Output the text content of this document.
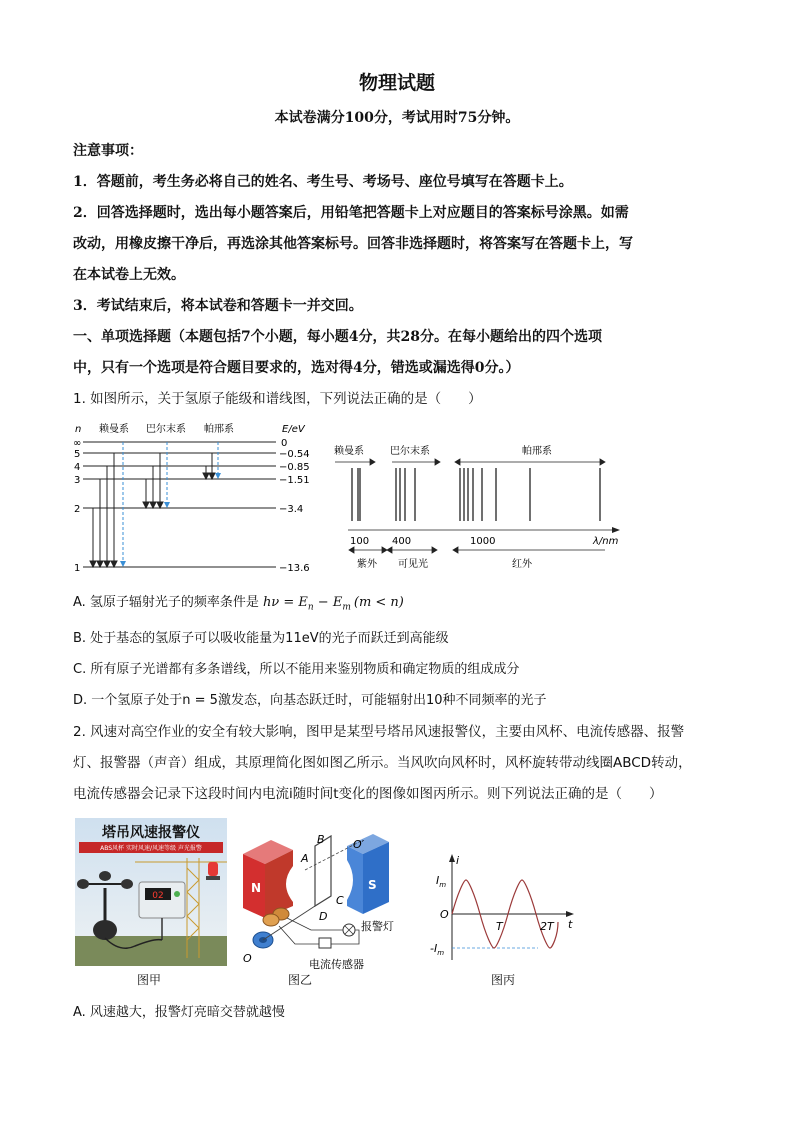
物理试题
本试卷满分100分，考试用时75分钟。
注意事项：
1．答题前，考生务必将自己的姓名、考生号、考场号、座位号填写在答题卡上。
2．回答选择题时，选出每小题答案后，用铅笔把答题卡上对应题目的答案标号涂黑。如需
改动，用橡皮擦干净后，再选涂其他答案标号。回答非选择题时，将答案写在答题卡上，写
在本试卷上无效。
3．考试结束后，将本试卷和答题卡一并交回。
一、单项选择题（本题包括7个小题，每小题4分，共28分。在每小题给出的四个选项
中，只有一个选项是符合题目要求的，选对得4分，错选或漏选得0分。）
1. 如图所示，关于氢原子能级和谱线图，下列说法正确的是（　　）
n 赖曼系 巴尔末系 帕邢系	E/eV
∞
5
4
3
2
1
0
−0.54
−0.85
−1.51
−3.4
−13.6
赖曼系	巴尔末系	帕邢系
100 400	1000	λ/nm
紫外 可见光	红外
A. 氢原子辐射光子的频率条件是 $h\nu = E_n - E_m$ (m < n)
B. 处于基态的氢原子可以吸收能量为11eV的光子而跃迁到高能级
C. 所有原子光谱都有多条谱线，所以不能用来鉴别物质和确定物质的组成成分
D. 一个氢原子处于n = 5激发态，向基态跃迁时，可能辐射出10种不同频率的光子
2. 风速对高空作业的安全有较大影响，图甲是某型号塔吊风速报警仪，主要由风杯、电流传感器、报警
灯、报警器（声音）组成，其原理简化图如图乙所示。当风吹向风杯时，风杯旋转带动线圈ABCD转动，
电流传感器会记录下这段时间内电流i随时间t变化的图像如图丙所示。则下列说法正确的是（　　）
塔吊风速报警仪
ABS风杯 实时风速/风速等级 声光报警
02
图甲
N	S
B
A
O′
C
D
O
报警灯
电流传感器
图乙
i
t
O
$I_m$
$-I_m$
T	2T
图丙
A. 风速越大，报警灯亮暗交替就越慢
